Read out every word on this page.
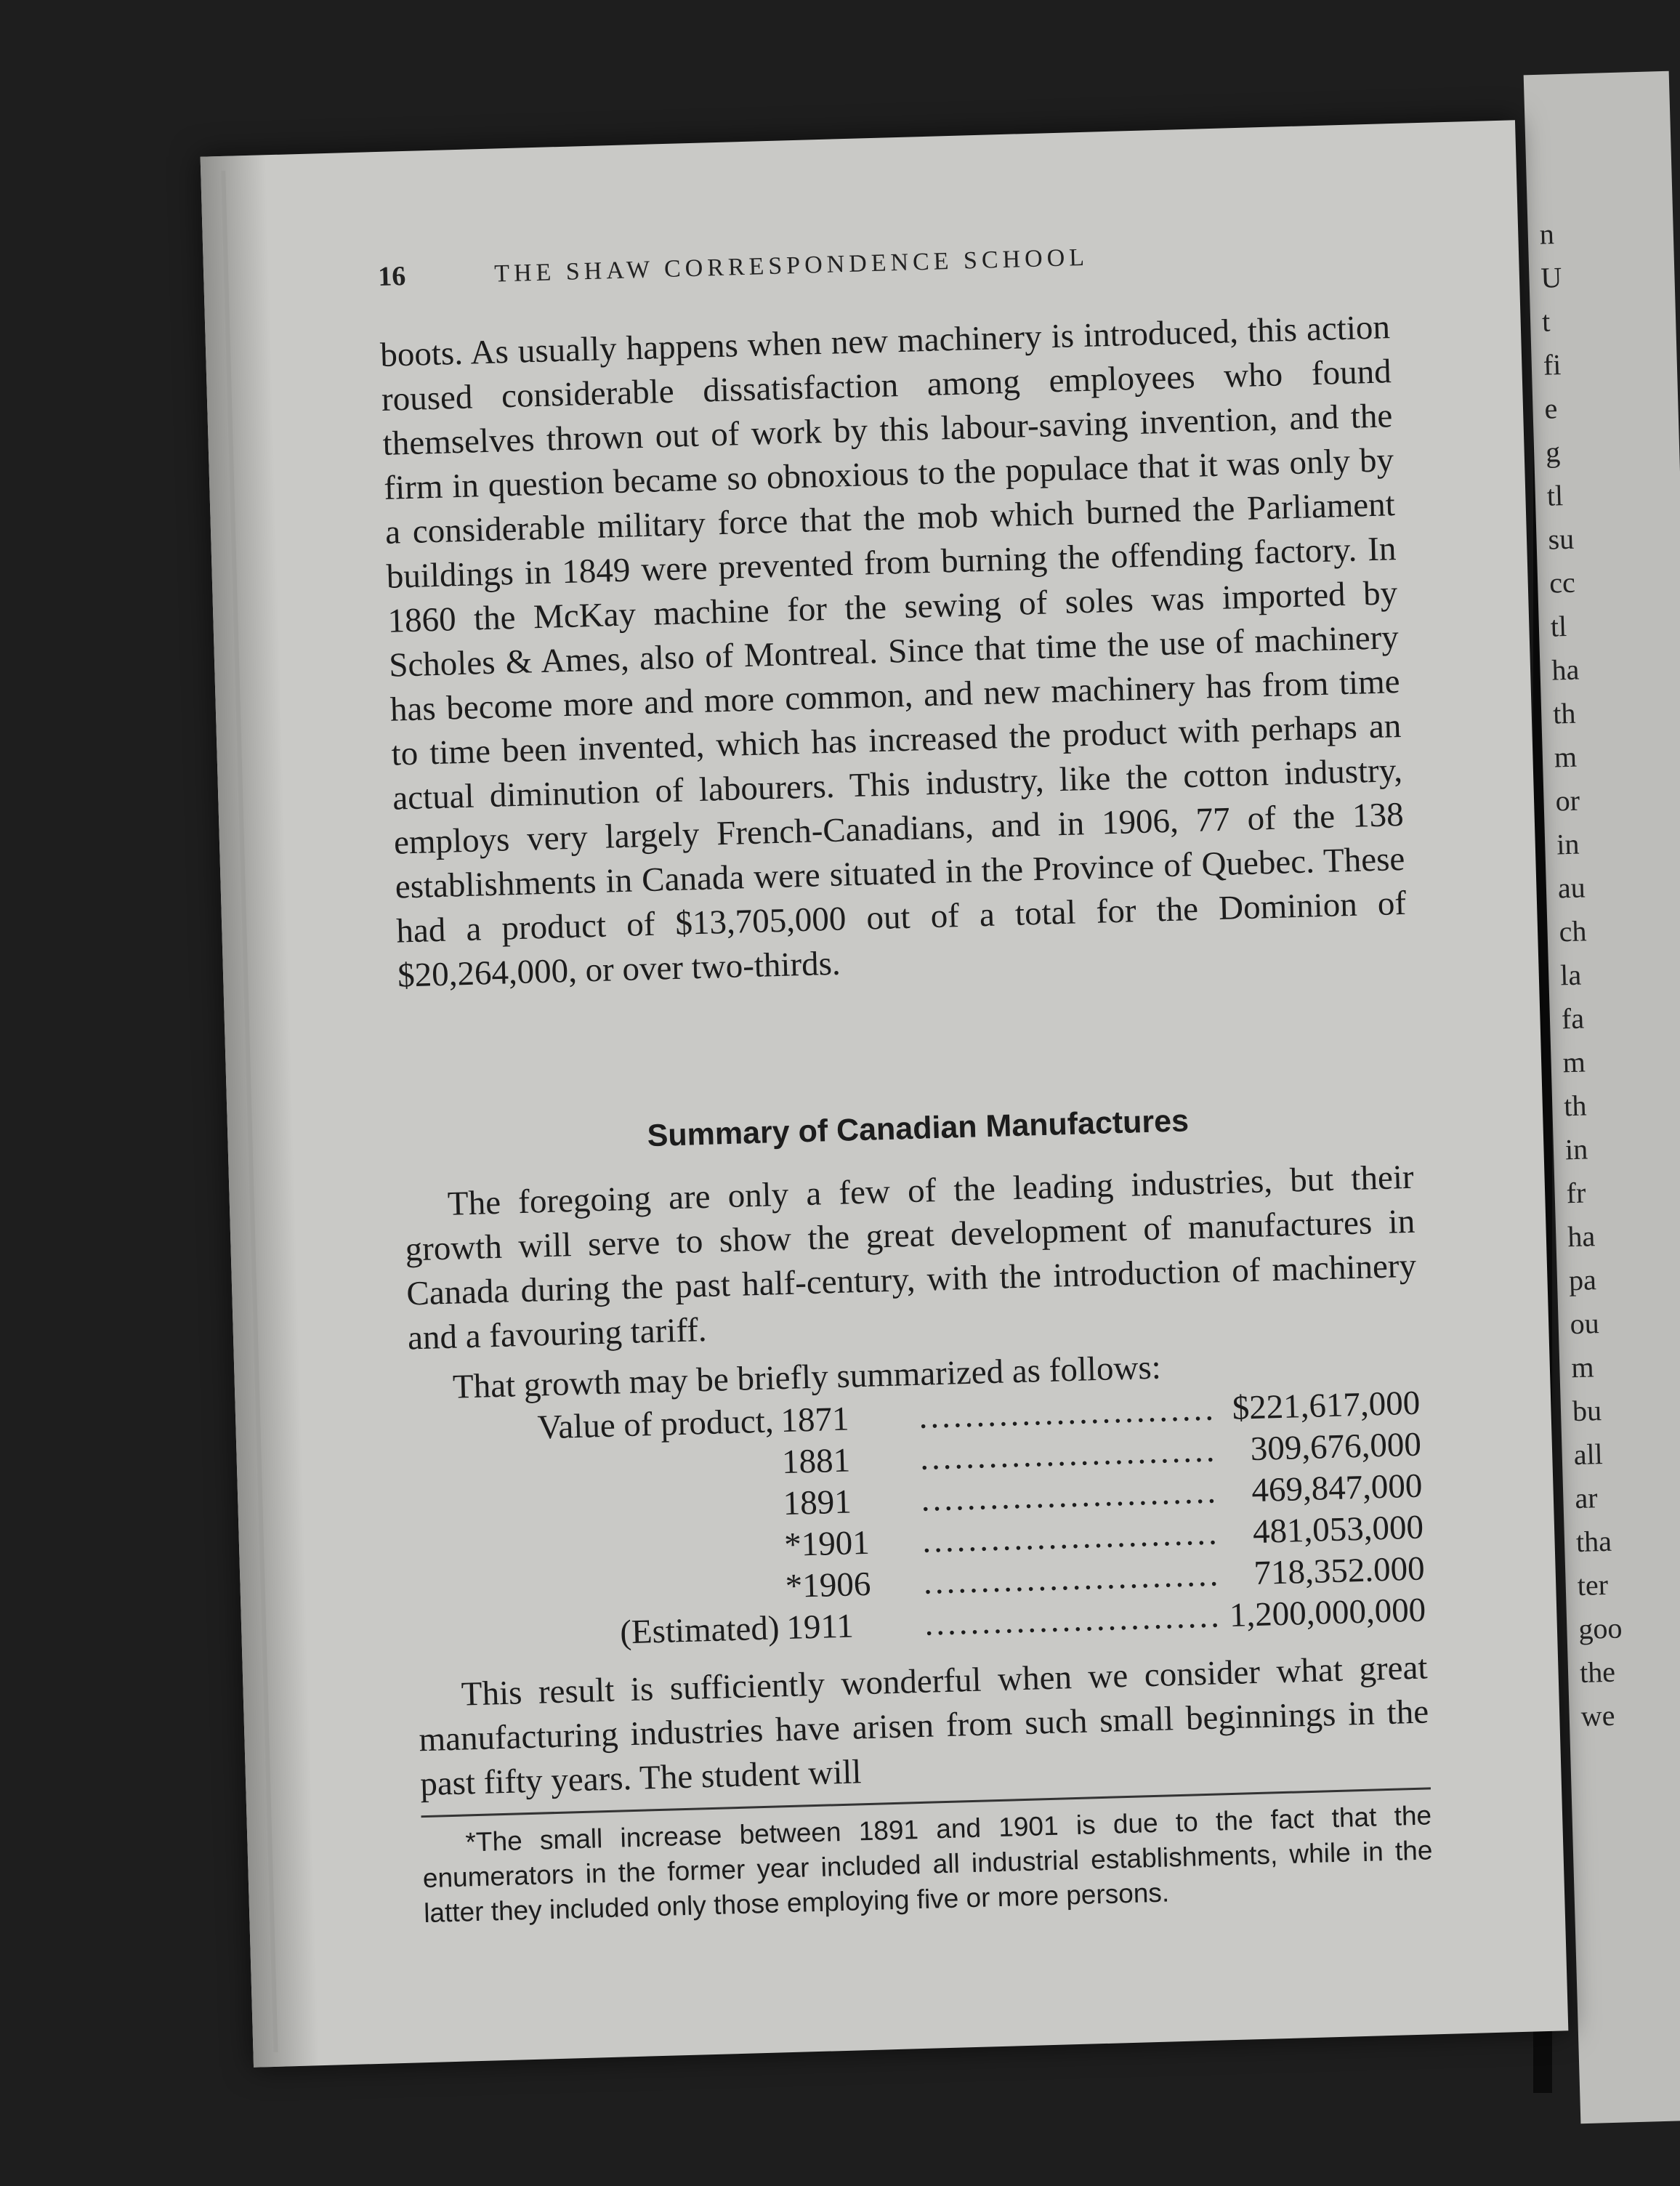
n
U
t
fi
e
g
tl
su
cc
tl
ha
th
m
or
in
au
ch
la
fa
m
th
in
fr
ha
pa
ou
m
bu
all
ar
tha
ter
goo
the
we
16	THE SHAW CORRESPONDENCE SCHOOL

boots. As usually happens when new machinery is introduced, this action roused considerable dissatisfaction among employees who found themselves thrown out of work by this labour-saving invention, and the firm in question became so obnoxious to the populace that it was only by a considerable military force that the mob which burned the Parliament buildings in 1849 were prevented from burning the offending factory. In 1860 the McKay machine for the sewing of soles was imported by Scholes & Ames, also of Montreal. Since that time the use of machinery has become more and more common, and new machinery has from time to time been invented, which has increased the product with perhaps an actual diminution of labourers. This industry, like the cotton industry, employs very largely French-Canadians, and in 1906, 77 of the 138 establishments in Canada were situated in the Province of Quebec. These had a product of $13,705,000 out of a total for the Dominion of $20,264,000, or over two-thirds.

Summary of Canadian Manufactures
The foregoing are only a few of the leading industries, but their growth will serve to show the great development of manufactures in Canada during the past half-century, with the introduction of machinery and a favouring tariff.
That growth may be briefly summarized as follows:
Value of product, 1871 .......................... $221,617,000
1881 .......................... 309,676,000
1891 .......................... 469,847,000
*1901 .......................... 481,053,000
*1906 .......................... 718,352.000
(Estimated) 1911 .......................... 1,200,000,000
This result is sufficiently wonderful when we consider what great manufacturing industries have arisen from such small beginnings in the past fifty years. The student will
*The small increase between 1891 and 1901 is due to the fact that the enumerators in the former year included all industrial establishments, while in the latter they included only those employing five or more persons.
